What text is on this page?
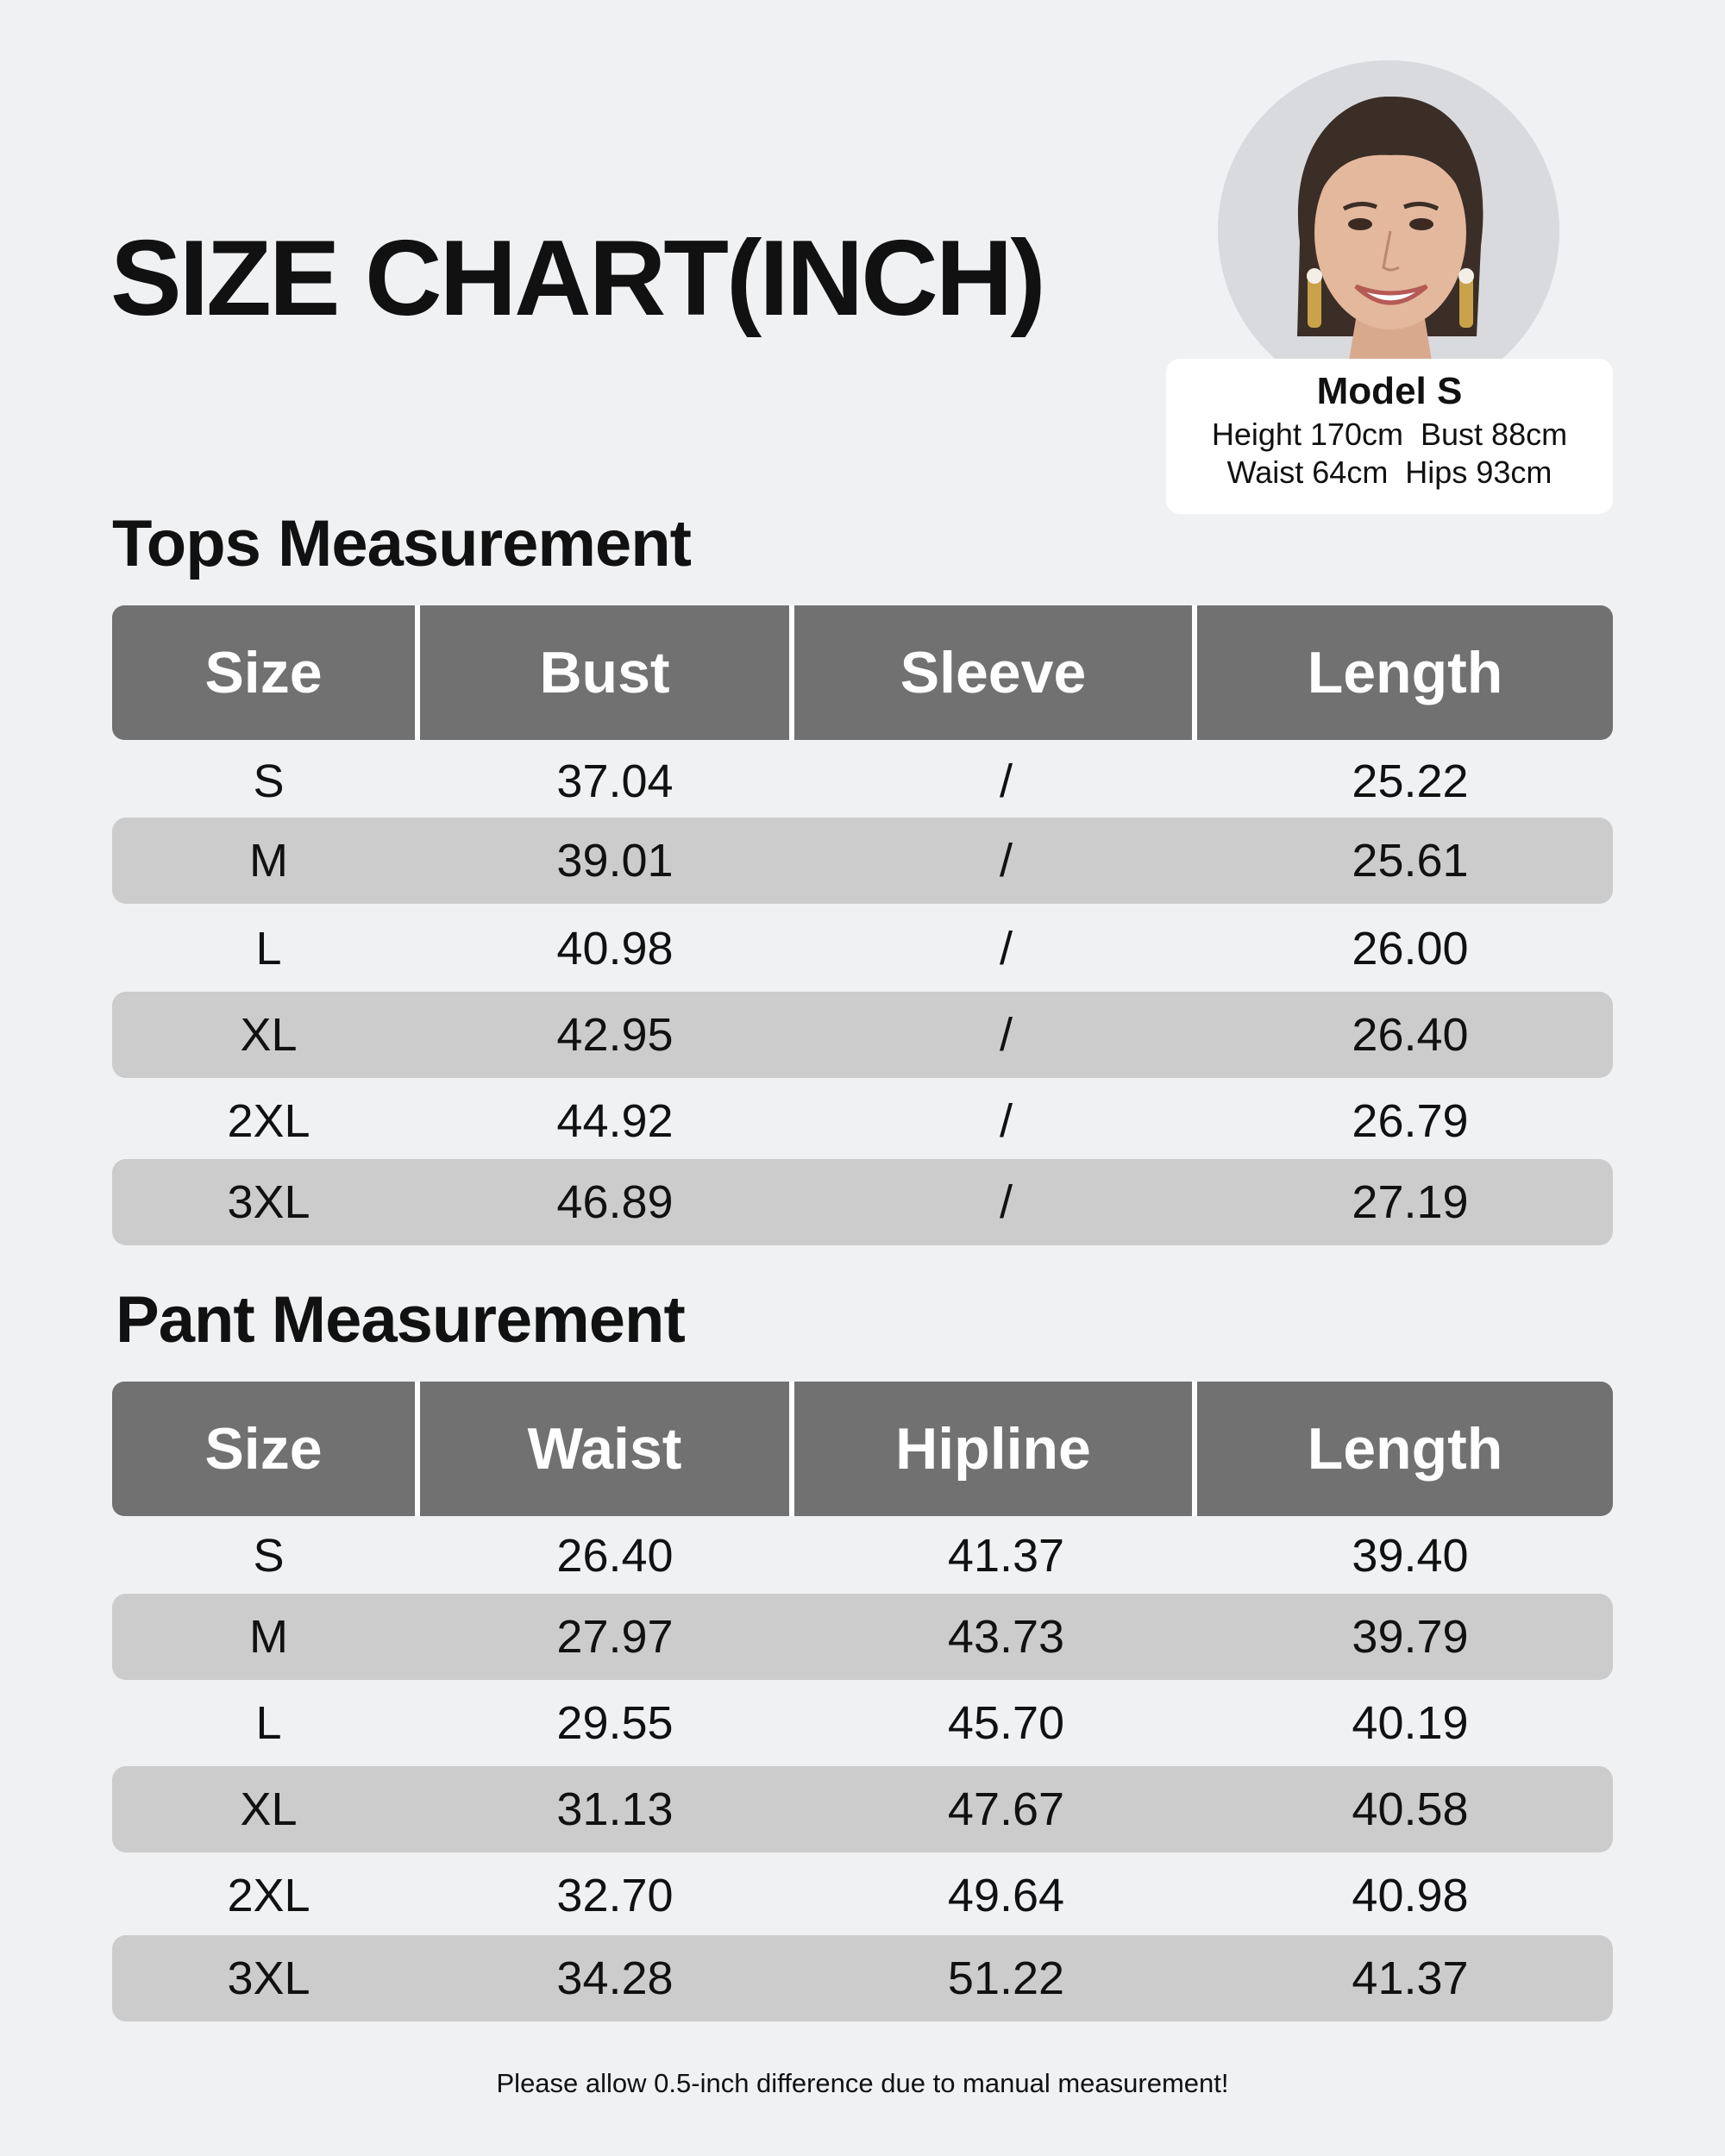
SIZE CHART(INCH)
Model S
Height 170cm  Bust 88cm
Waist 64cm  Hips 93cm
Tops Measurement
Size	Bust	Sleeve	Length
S	37.04	/	25.22
M	39.01	/	25.61
L	40.98	/	26.00
XL	42.95	/	26.40
2XL	44.92	/	26.79
3XL	46.89	/	27.19
Pant Measurement
Size	Waist	Hipline	Length
S	26.40	41.37	39.40
M	27.97	43.73	39.79
L	29.55	45.70	40.19
XL	31.13	47.67	40.58
2XL	32.70	49.64	40.98
3XL	34.28	51.22	41.37
Please allow 0.5-inch difference due to manual measurement!
